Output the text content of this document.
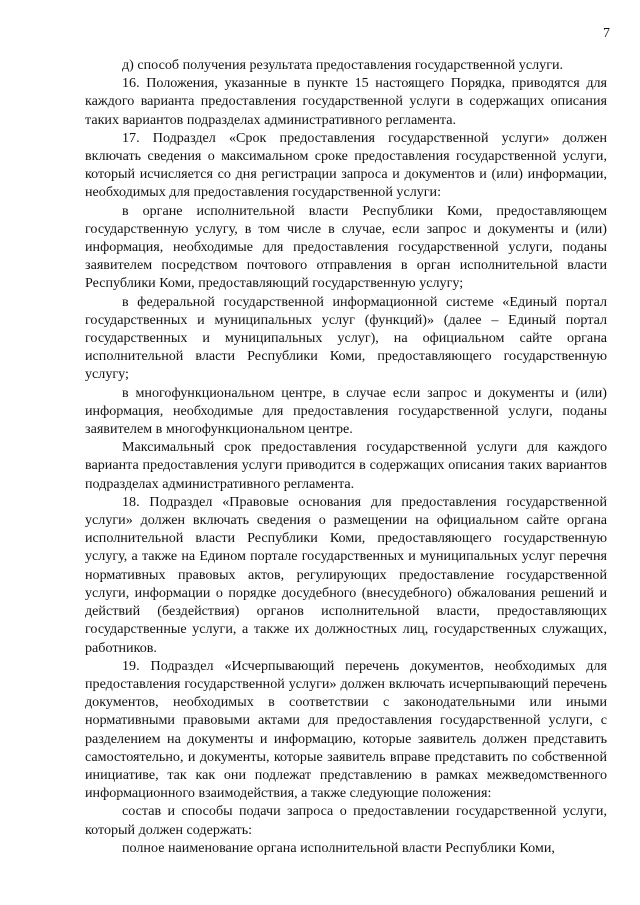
7

д) способ получения результата предоставления государственной услуги.

16. Положения, указанные в пункте 15 настоящего Порядка, приводятся для каждого варианта предоставления государственной услуги в содержащих описания таких вариантов подразделах административного регламента.

17. Подраздел «Срок предоставления государственной услуги» должен включать сведения о максимальном сроке предоставления государственной услуги, который исчисляется со дня регистрации запроса и документов и (или) информации, необходимых для предоставления государственной услуги:

в органе исполнительной власти Республики Коми, предоставляющем государственную услугу, в том числе в случае, если запрос и документы и (или) информация, необходимые для предоставления государственной услуги, поданы заявителем посредством почтового отправления в орган исполнительной власти Республики Коми, предоставляющий государственную услугу;

в федеральной государственной информационной системе «Единый портал государственных и муниципальных услуг (функций)» (далее – Единый портал государственных и муниципальных услуг), на официальном сайте органа исполнительной власти Республики Коми, предоставляющего государственную услугу;

в многофункциональном центре, в случае если запрос и документы и (или) информация, необходимые для предоставления государственной услуги, поданы заявителем в многофункциональном центре.

Максимальный срок предоставления государственной услуги для каждого варианта предоставления услуги приводится в содержащих описания таких вариантов подразделах административного регламента.

18. Подраздел «Правовые основания для предоставления государственной услуги» должен включать сведения о размещении на официальном сайте органа исполнительной власти Республики Коми, предоставляющего государственную услугу, а также на Едином портале государственных и муниципальных услуг перечня нормативных правовых актов, регулирующих предоставление государственной услуги, информации о порядке досудебного (внесудебного) обжалования решений и действий (бездействия) органов исполнительной власти, предоставляющих государственные услуги, а также их должностных лиц, государственных служащих, работников.

19. Подраздел «Исчерпывающий перечень документов, необходимых для предоставления государственной услуги» должен включать исчерпывающий перечень документов, необходимых в соответствии с законодательными или иными нормативными правовыми актами для предоставления государственной услуги, с разделением на документы и информацию, которые заявитель должен представить самостоятельно, и документы, которые заявитель вправе представить по собственной инициативе, так как они подлежат представлению в рамках межведомственного информационного взаимодействия, а также следующие положения:

состав и способы подачи запроса о предоставлении государственной услуги, который должен содержать:

полное наименование органа исполнительной власти Республики Коми,
